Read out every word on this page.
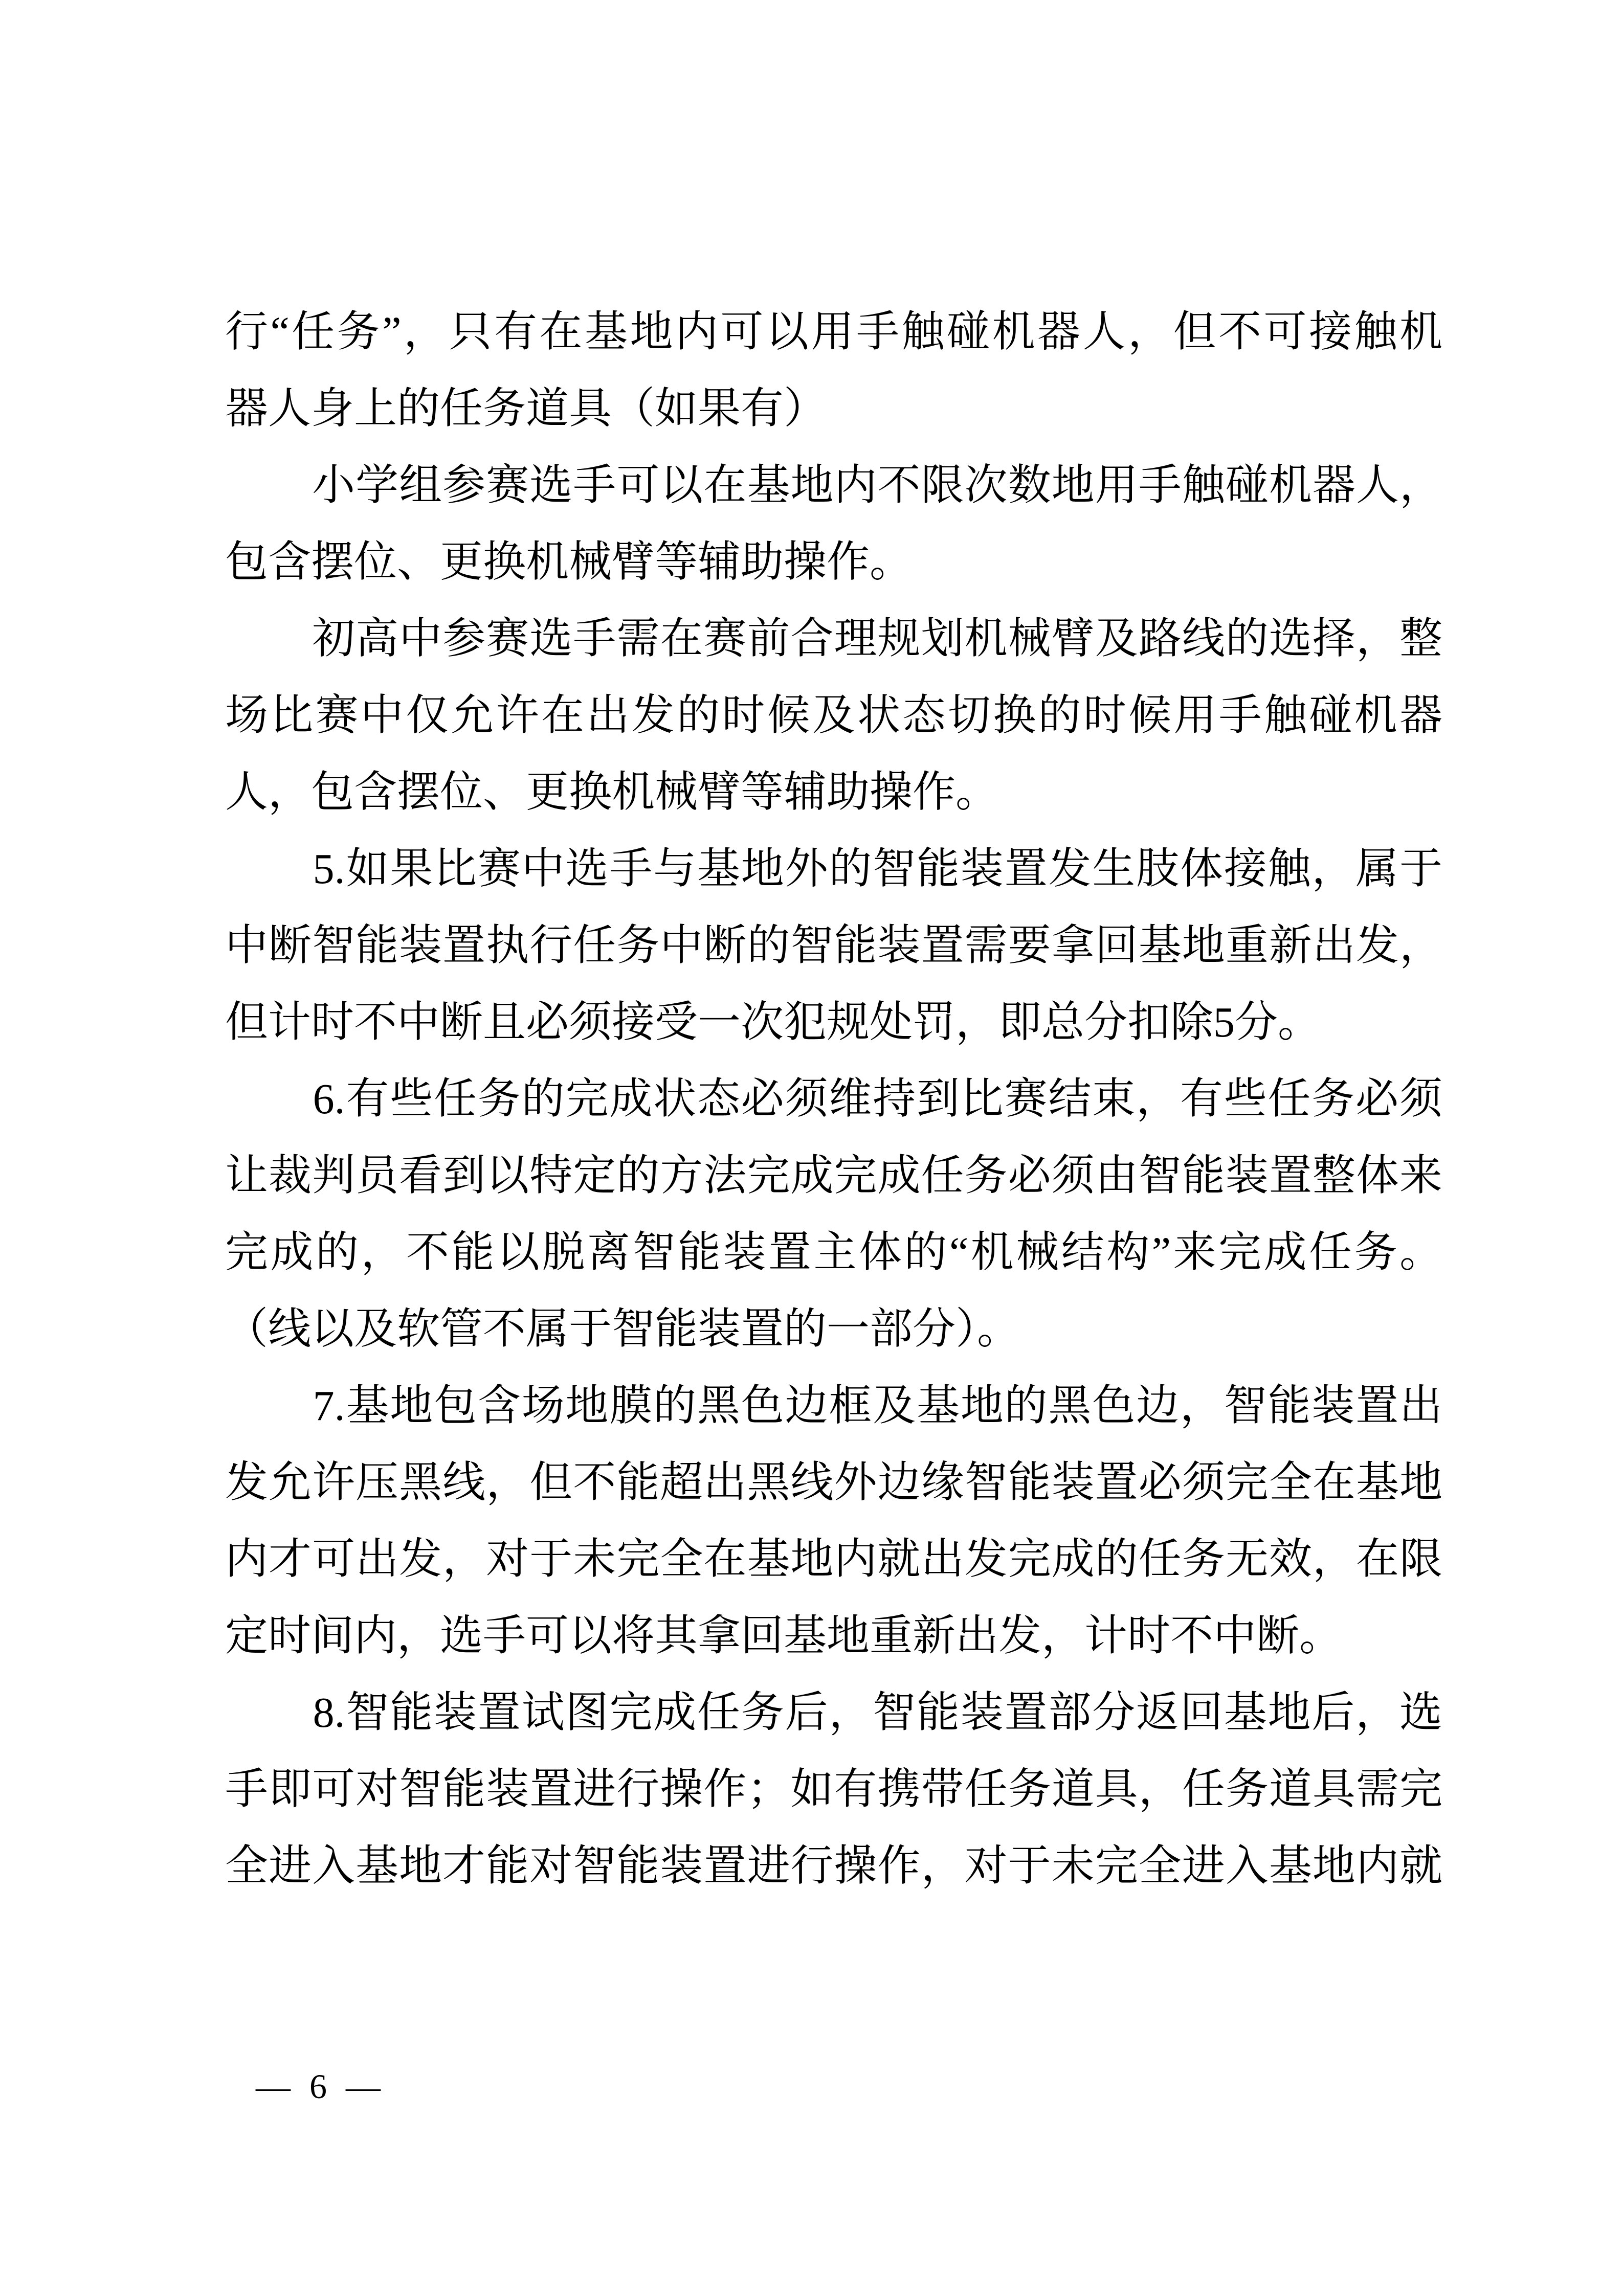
行“任务”，只有在基地内可以用手触碰机器人，但不可接触机
器人身上的任务道具（如果有）
　　小学组参赛选手可以在基地内不限次数地用手触碰机器人，
包含摆位、更换机械臂等辅助操作。
　　初高中参赛选手需在赛前合理规划机械臂及路线的选择，整
场比赛中仅允许在出发的时候及状态切换的时候用手触碰机器
人，包含摆位、更换机械臂等辅助操作。
　　5.如果比赛中选手与基地外的智能装置发生肢体接触，属于
中断智能装置执行任务中断的智能装置需要拿回基地重新出发，
但计时不中断且必须接受一次犯规处罚，即总分扣除5分。
　　6.有些任务的完成状态必须维持到比赛结束，有些任务必须
让裁判员看到以特定的方法完成完成任务必须由智能装置整体来
完成的，不能以脱离智能装置主体的“机械结构”来完成任务。
（线以及软管不属于智能装置的一部分）。
　　7.基地包含场地膜的黑色边框及基地的黑色边，智能装置出
发允许压黑线，但不能超出黑线外边缘智能装置必须完全在基地
内才可出发，对于未完全在基地内就出发完成的任务无效，在限
定时间内，选手可以将其拿回基地重新出发，计时不中断。
　　8.智能装置试图完成任务后，智能装置部分返回基地后，选
手即可对智能装置进行操作；如有携带任务道具，任务道具需完
全进入基地才能对智能装置进行操作，对于未完全进入基地内就
— 6 —
